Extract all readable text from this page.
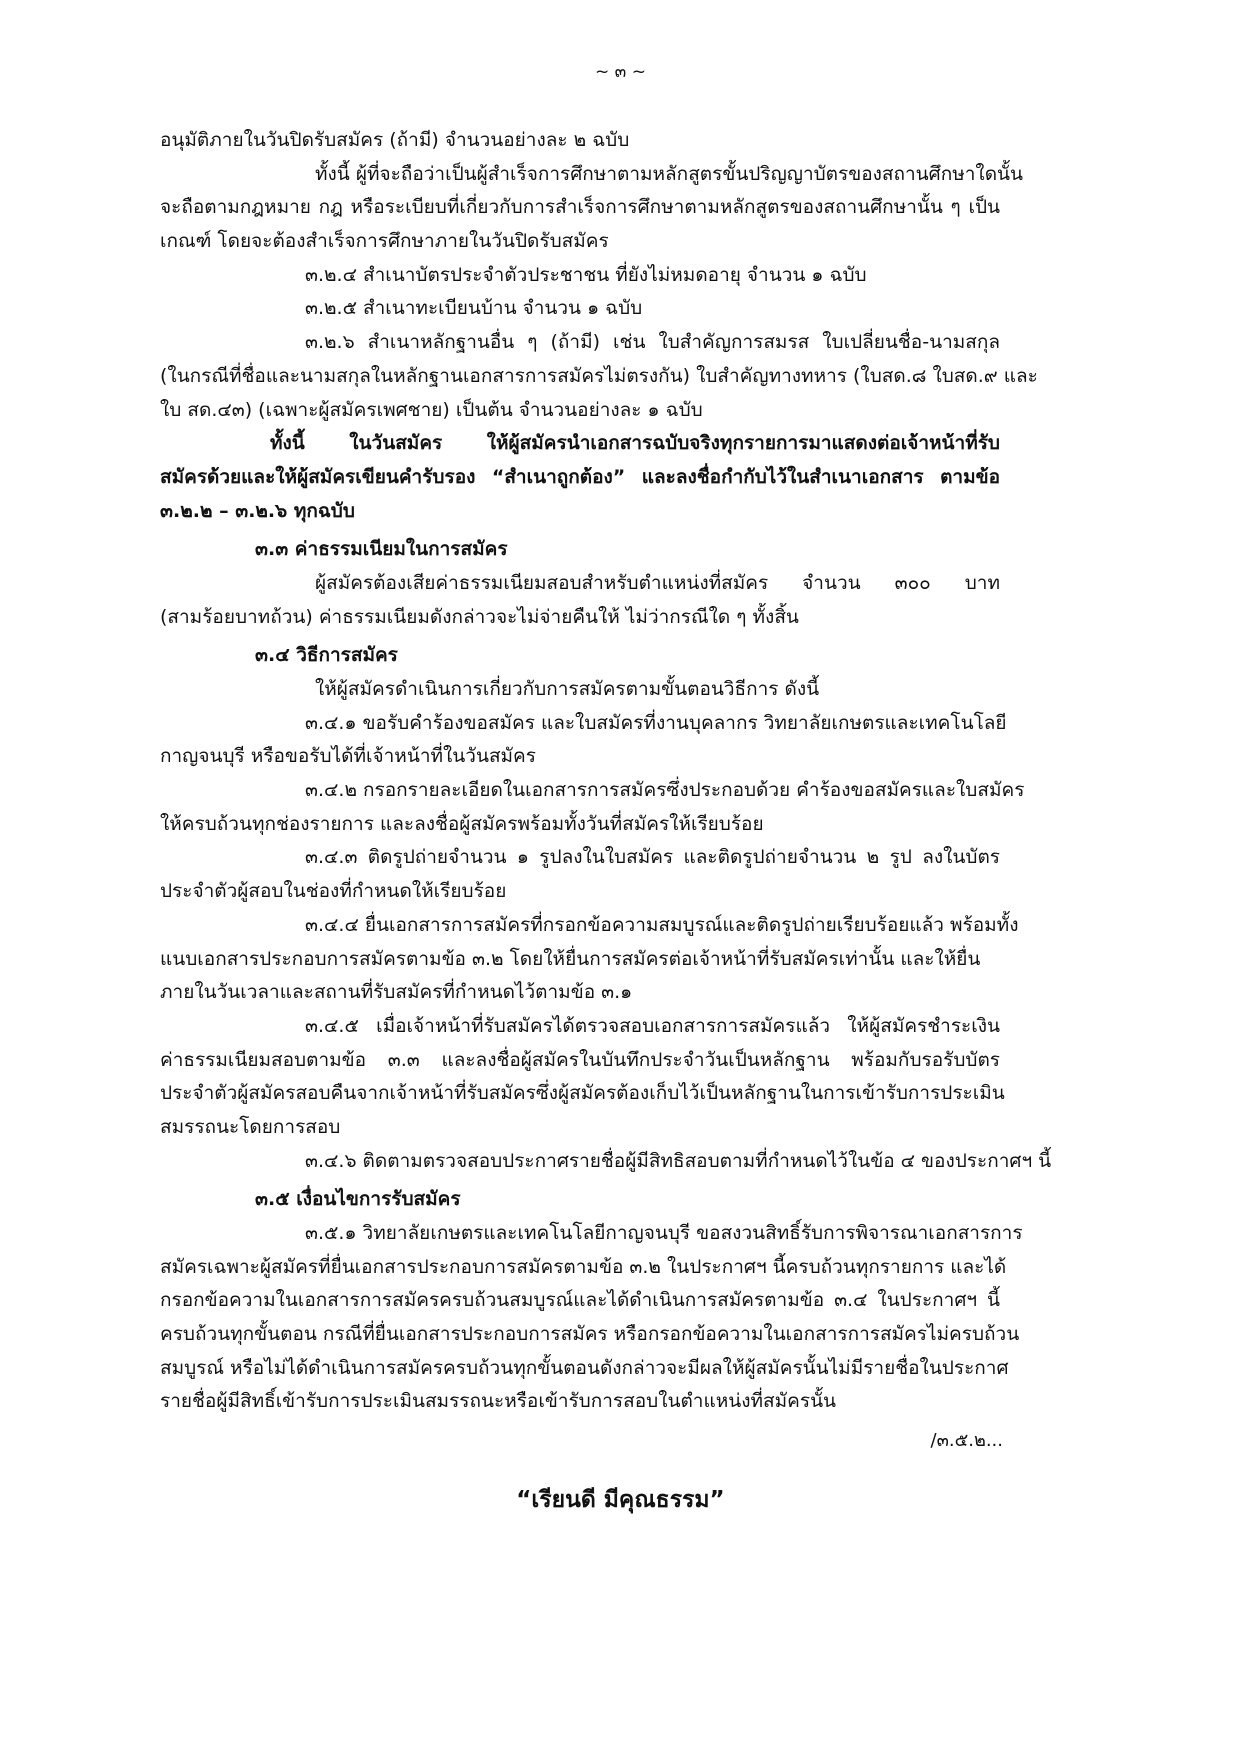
~ ๓ ~
อนุมัติภายในวันปิดรับสมัคร (ถ้ามี) จำนวนอย่างละ ๒ ฉบับ
ทั้งนี้ ผู้ที่จะถือว่าเป็นผู้สำเร็จการศึกษาตามหลักสูตรขั้นปริญญาบัตรของสถานศึกษาใดนั้น
จะถือตามกฎหมาย กฎ หรือระเบียบที่เกี่ยวกับการสำเร็จการศึกษาตามหลักสูตรของสถานศึกษานั้น ๆ เป็น
เกณฑ์ โดยจะต้องสำเร็จการศึกษาภายในวันปิดรับสมัคร
๓.๒.๔ สำเนาบัตรประจำตัวประชาชน ที่ยังไม่หมดอายุ จำนวน ๑ ฉบับ
๓.๒.๕ สำเนาทะเบียนบ้าน จำนวน ๑ ฉบับ
๓.๒.๖ สำเนาหลักฐานอื่น ๆ (ถ้ามี) เช่น ใบสำคัญการสมรส ใบเปลี่ยนชื่อ-นามสกุล
(ในกรณีที่ชื่อและนามสกุลในหลักฐานเอกสารการสมัครไม่ตรงกัน) ใบสำคัญทางทหาร (ใบสด.๘ ใบสด.๙ และ
ใบ สด.๔๓) (เฉพาะผู้สมัครเพศชาย) เป็นต้น จำนวนอย่างละ ๑ ฉบับ
ทั้งนี้ ในวันสมัคร ให้ผู้สมัครนำเอกสารฉบับจริงทุกรายการมาแสดงต่อเจ้าหน้าที่รับ
สมัครด้วยและให้ผู้สมัครเขียนคำรับรอง “สำเนาถูกต้อง” และลงชื่อกำกับไว้ในสำเนาเอกสาร ตามข้อ
๓.๒.๒ – ๓.๒.๖ ทุกฉบับ
๓.๓ ค่าธรรมเนียมในการสมัคร
ผู้สมัครต้องเสียค่าธรรมเนียมสอบสำหรับตำแหน่งที่สมัคร จำนวน ๓๐๐ บาท
(สามร้อยบาทถ้วน) ค่าธรรมเนียมดังกล่าวจะไม่จ่ายคืนให้ ไม่ว่ากรณีใด ๆ ทั้งสิ้น
๓.๔ วิธีการสมัคร
ให้ผู้สมัครดำเนินการเกี่ยวกับการสมัครตามขั้นตอนวิธีการ ดังนี้
๓.๔.๑ ขอรับคำร้องขอสมัคร และใบสมัครที่งานบุคลากร วิทยาลัยเกษตรและเทคโนโลยี
กาญจนบุรี หรือขอรับได้ที่เจ้าหน้าที่ในวันสมัคร
๓.๔.๒ กรอกรายละเอียดในเอกสารการสมัครซึ่งประกอบด้วย คำร้องขอสมัครและใบสมัคร
ให้ครบถ้วนทุกช่องรายการ และลงชื่อผู้สมัครพร้อมทั้งวันที่สมัครให้เรียบร้อย
๓.๔.๓ ติดรูปถ่ายจำนวน ๑ รูปลงในใบสมัคร และติดรูปถ่ายจำนวน ๒ รูป ลงในบัตร
ประจำตัวผู้สอบในช่องที่กำหนดให้เรียบร้อย
๓.๔.๔ ยื่นเอกสารการสมัครที่กรอกข้อความสมบูรณ์และติดรูปถ่ายเรียบร้อยแล้ว พร้อมทั้ง
แนบเอกสารประกอบการสมัครตามข้อ ๓.๒ โดยให้ยื่นการสมัครต่อเจ้าหน้าที่รับสมัครเท่านั้น และให้ยื่น
ภายในวันเวลาและสถานที่รับสมัครที่กำหนดไว้ตามข้อ ๓.๑
๓.๔.๕ เมื่อเจ้าหน้าที่รับสมัครได้ตรวจสอบเอกสารการสมัครแล้ว ให้ผู้สมัครชำระเงิน
ค่าธรรมเนียมสอบตามข้อ ๓.๓ และลงชื่อผู้สมัครในบันทึกประจำวันเป็นหลักฐาน พร้อมกับรอรับบัตร
ประจำตัวผู้สมัครสอบคืนจากเจ้าหน้าที่รับสมัครซึ่งผู้สมัครต้องเก็บไว้เป็นหลักฐานในการเข้ารับการประเมิน
สมรรถนะโดยการสอบ
๓.๔.๖ ติดตามตรวจสอบประกาศรายชื่อผู้มีสิทธิสอบตามที่กำหนดไว้ในข้อ ๔ ของประกาศฯ นี้
๓.๕ เงื่อนไขการรับสมัคร
๓.๕.๑ วิทยาลัยเกษตรและเทคโนโลยีกาญจนบุรี ขอสงวนสิทธิ์รับการพิจารณาเอกสารการ
สมัครเฉพาะผู้สมัครที่ยื่นเอกสารประกอบการสมัครตามข้อ ๓.๒ ในประกาศฯ นี้ครบถ้วนทุกรายการ และได้
กรอกข้อความในเอกสารการสมัครครบถ้วนสมบูรณ์และได้ดำเนินการสมัครตามข้อ ๓.๔ ในประกาศฯ นี้
ครบถ้วนทุกขั้นตอน กรณีที่ยื่นเอกสารประกอบการสมัคร หรือกรอกข้อความในเอกสารการสมัครไม่ครบถ้วน
สมบูรณ์ หรือไม่ได้ดำเนินการสมัครครบถ้วนทุกขั้นตอนดังกล่าวจะมีผลให้ผู้สมัครนั้นไม่มีรายชื่อในประกาศ
รายชื่อผู้มีสิทธิ์เข้ารับการประเมินสมรรถนะหรือเข้ารับการสอบในตำแหน่งที่สมัครนั้น
/๓.๕.๒...
“เรียนดี มีคุณธรรม”
